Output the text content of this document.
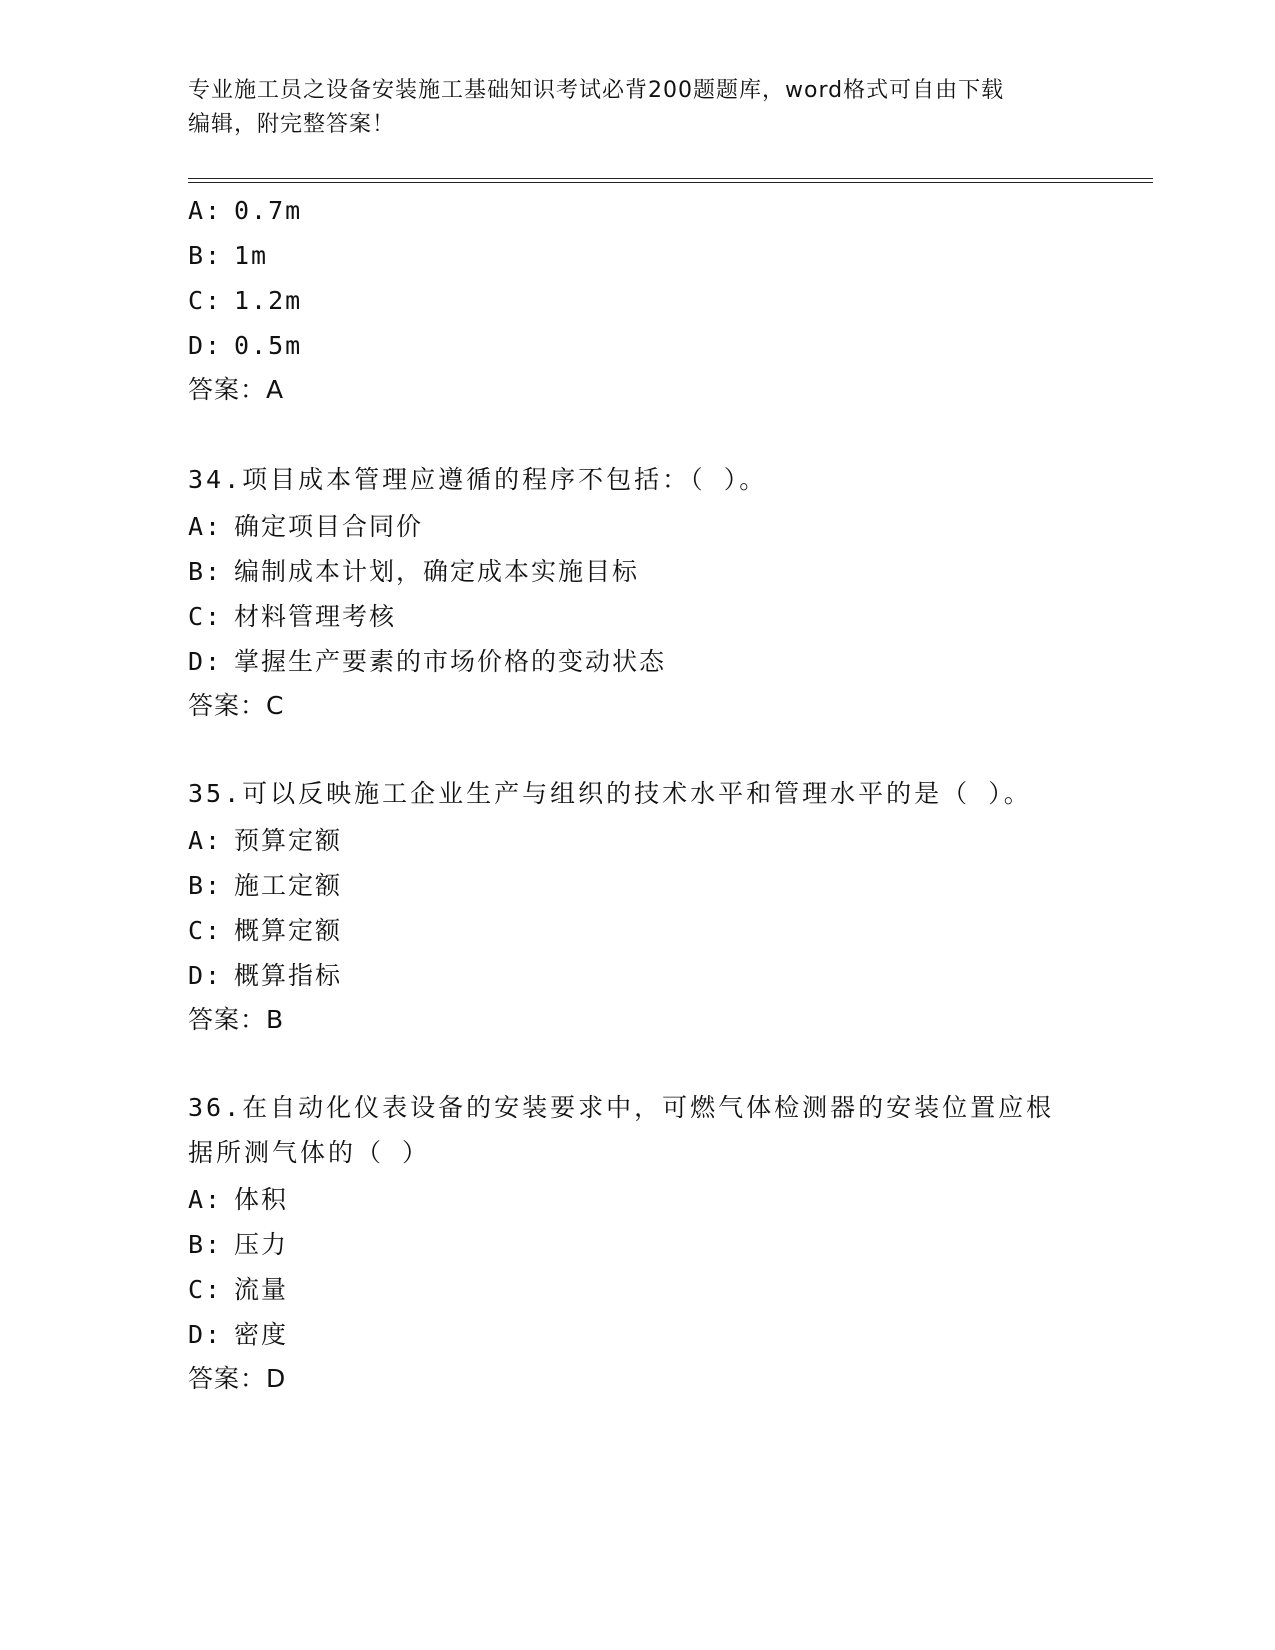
专业施工员之设备安装施工基础知识考试必背200题题库，word格式可自由下载
编辑，附完整答案！
A: 0.7m
B: 1m
C: 1.2m
D: 0.5m
答案：A
34.项目成本管理应遵循的程序不包括：（ ）。
A: 确定项目合同价
B: 编制成本计划，确定成本实施目标
C: 材料管理考核
D: 掌握生产要素的市场价格的变动状态
答案：C
35.可以反映施工企业生产与组织的技术水平和管理水平的是（ ）。
A: 预算定额
B: 施工定额
C: 概算定额
D: 概算指标
答案：B
36.在自动化仪表设备的安装要求中，可燃气体检测器的安装位置应根据所测气体的（ ）
A: 体积
B: 压力
C: 流量
D: 密度
答案：D
